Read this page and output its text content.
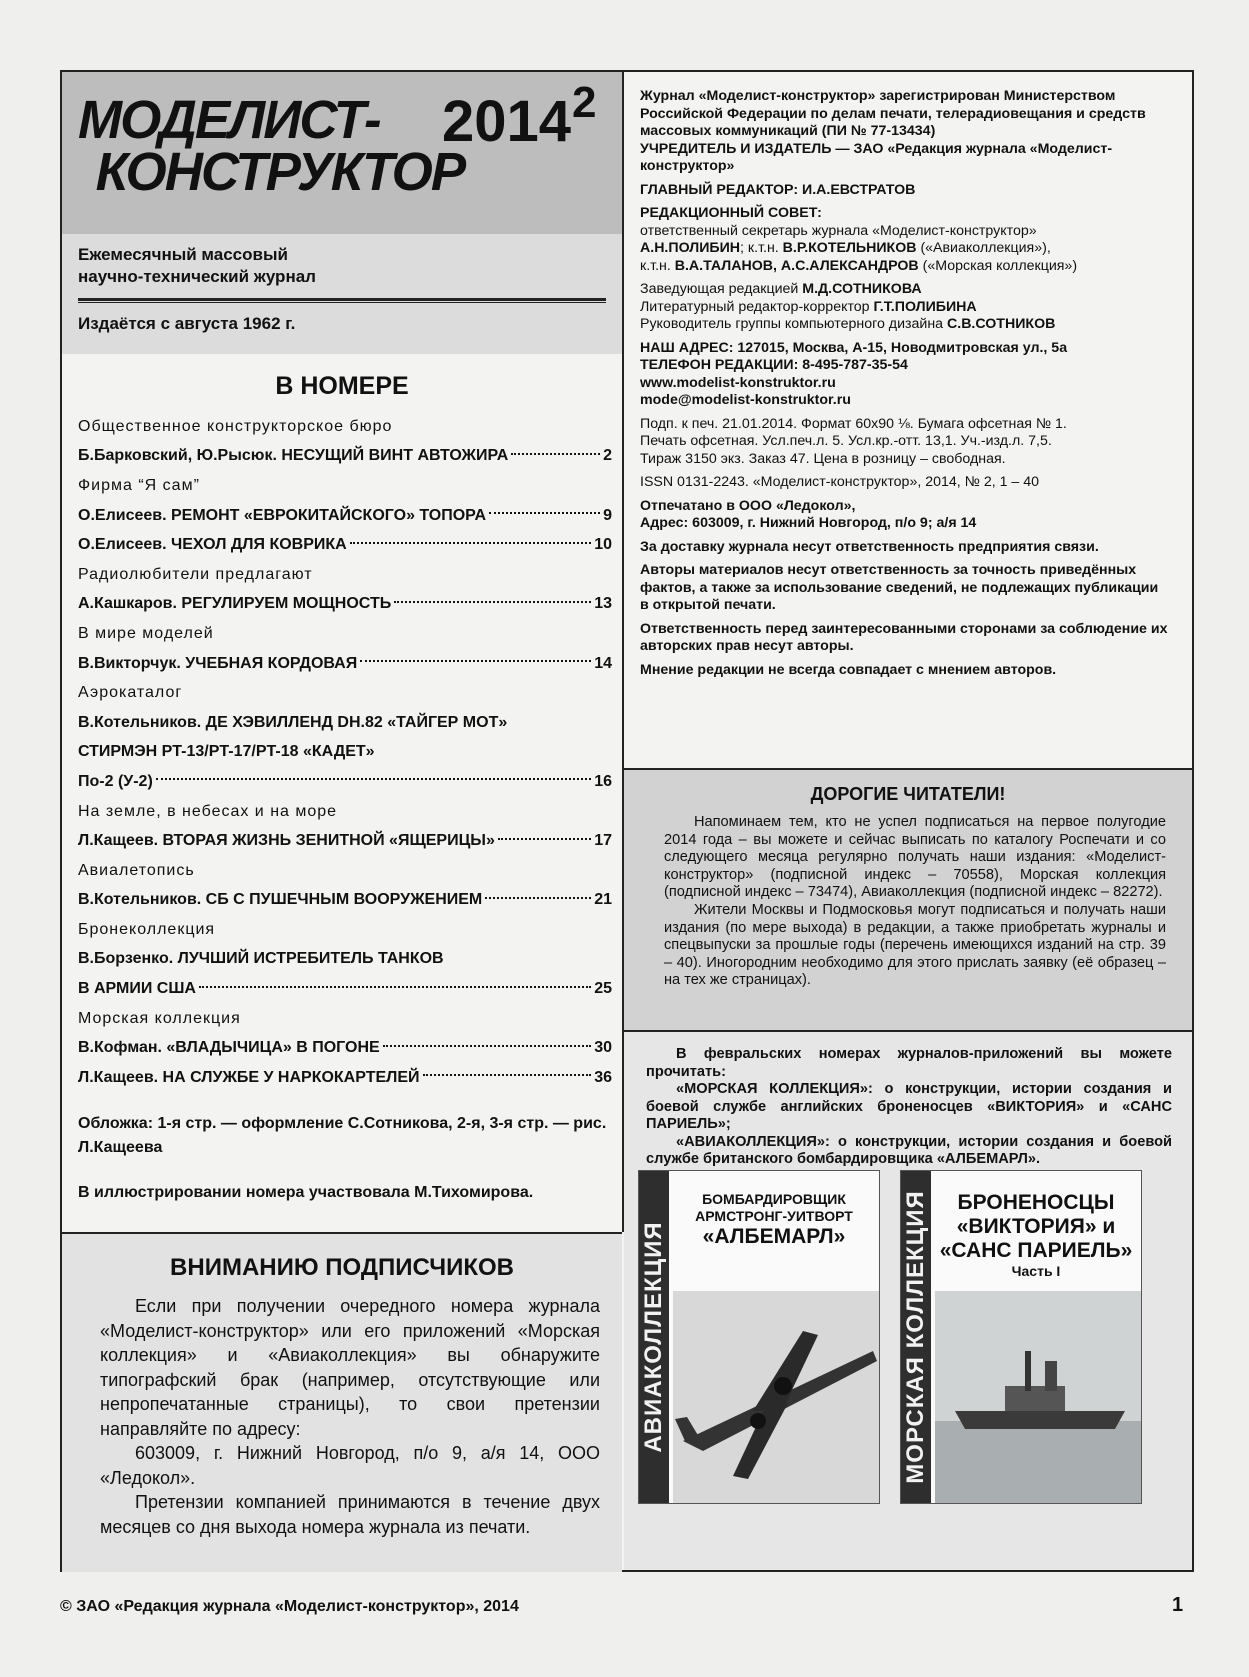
МОДЕЛИСТ-
КОНСТРУКТОР
2014 2
Ежемесячный массовый
научно-технический журнал
Издаётся с августа 1962 г.
В НОМЕРЕ
Общественное конструкторское бюро
Б.Барковский, Ю.Рысюк. НЕСУЩИЙ ВИНТ АВТОЖИРА	2
Фирма “Я сам”
О.Елисеев. РЕМОНТ «ЕВРОКИТАЙСКОГО» ТОПОРА	9
О.Елисеев. ЧЕХОЛ ДЛЯ КОВРИКА	10
Радиолюбители предлагают
А.Кашкаров. РЕГУЛИРУЕМ МОЩНОСТЬ	13
В мире моделей
В.Викторчук. УЧЕБНАЯ КОРДОВАЯ	14
Аэрокаталог
В.Котельников. ДЕ ХЭВИЛЛЕНД DH.82 «ТАЙГЕР МОТ»
СТИРМЭН PT-13/PT-17/PT-18 «КАДЕТ»
По-2 (У-2)	16
На земле, в небесах и на море
Л.Кащеев. ВТОРАЯ ЖИЗНЬ ЗЕНИТНОЙ «ЯЩЕРИЦЫ»	17
Авиалетопись
В.Котельников. СБ С ПУШЕЧНЫМ ВООРУЖЕНИЕМ	21
Бронеколлекция
В.Борзенко. ЛУЧШИЙ ИСТРЕБИТЕЛЬ ТАНКОВ
В АРМИИ США	25
Морская коллекция
В.Кофман. «ВЛАДЫЧИЦА» В ПОГОНЕ	30
Л.Кащеев. НА СЛУЖБЕ У НАРКОКАРТЕЛЕЙ	36
Обложка: 1-я стр. — оформление С.Сотникова, 2-я, 3-я стр. — рис. Л.Кащеева
В иллюстрировании номера участвовала М.Тихомирова.
ВНИМАНИЮ ПОДПИСЧИКОВ

Если при получении очередного номера журнала «Моделист-конструктор» или его приложений «Морская коллекция» и «Авиаколлекция» вы обнаружите типографский брак (например, отсутствующие или непропечатанные страницы), то свои претензии направляйте по адресу:

603009, г. Нижний Новгород, п/о 9, а/я 14, ООО «Ледокол».

Претензии компанией принимаются в течение двух месяцев со дня выхода номера журнала из печати.

Журнал «Моделист-конструктор» зарегистрирован Министерством Российской Федерации по делам печати, телерадиовещания и средств массовых коммуникаций (ПИ № 77-13434)
УЧРЕДИТЕЛЬ И ИЗДАТЕЛЬ — ЗАО «Редакция журнала «Моделист-конструктор»

ГЛАВНЫЙ РЕДАКТОР: И.А.ЕВСТРАТОВ

РЕДАКЦИОННЫЙ СОВЕТ:
ответственный секретарь журнала «Моделист-конструктор»
А.Н.ПОЛИБИН; к.т.н. В.Р.КОТЕЛЬНИКОВ («Авиаколлекция»),
к.т.н. В.А.ТАЛАНОВ, А.С.АЛЕКСАНДРОВ («Морская коллекция»)

Заведующая редакцией М.Д.СОТНИКОВА
Литературный редактор-корректор Г.Т.ПОЛИБИНА
Руководитель группы компьютерного дизайна С.В.СОТНИКОВ

НАШ АДРЕС: 127015, Москва, А-15, Новодмитровская ул., 5а
ТЕЛЕФОН РЕДАКЦИИ: 8-495-787-35-54
www.modelist-konstruktor.ru
mode@modelist-konstruktor.ru

Подп. к печ. 21.01.2014. Формат 60х90 ⅛. Бумага офсетная № 1.
Печать офсетная. Усл.печ.л. 5. Усл.кр.-отт. 13,1. Уч.-изд.л. 7,5.
Тираж 3150 экз. Заказ 47. Цена в розницу – свободная.

ISSN 0131-2243. «Моделист-конструктор», 2014, № 2, 1 – 40

Отпечатано в ООО «Ледокол»,
Адрес: 603009, г. Нижний Новгород, п/о 9; а/я 14

За доставку журнала несут ответственность предприятия связи.

Авторы материалов несут ответственность за точность приведённых фактов, а также за использование сведений, не подлежащих публикации в открытой печати.

Ответственность перед заинтересованными сторонами за соблюдение их авторских прав несут авторы.

Мнение редакции не всегда совпадает с мнением авторов.

ДОРОГИЕ ЧИТАТЕЛИ!

Напоминаем тем, кто не успел подписаться на первое полугодие 2014 года – вы можете и сейчас выписать по каталогу Роспечати и со следующего месяца регулярно получать наши издания: «Моделист-конструктор» (подписной индекс – 70558), Морская коллекция (подписной индекс – 73474), Авиаколлекция (подписной индекс – 82272).

Жители Москвы и Подмосковья могут подписаться и получать наши издания (по мере выхода) в редакции, а также приобретать журналы и спецвыпуски за прошлые годы (перечень имеющихся изданий на стр. 39 – 40). Иногородним необходимо для этого прислать заявку (её образец – на тех же страницах).

В февральских номерах журналов-приложений вы можете прочитать:

«МОРСКАЯ КОЛЛЕКЦИЯ»: о конструкции, истории создания и боевой службе английских броненосцев «ВИКТОРИЯ» и «САНС ПАРИЕЛЬ»;

«АВИАКОЛЛЕКЦИЯ»: о конструкции, истории создания и боевой службе британского бомбардировщика «АЛБЕМАРЛ».

АВИАКОЛЛЕКЦИЯ
БОМБАРДИРОВЩИК
АРМСТРОНГ-УИТВОРТ
«АЛБЕМАРЛ»	МОРСКАЯ КОЛЛЕКЦИЯ	БРОНЕНОСЦЫ
«ВИКТОРИЯ» и
«САНС ПАРИЕЛЬ»
Часть I
© ЗАО «Редакция журнала «Моделист-конструктор», 2014	1
